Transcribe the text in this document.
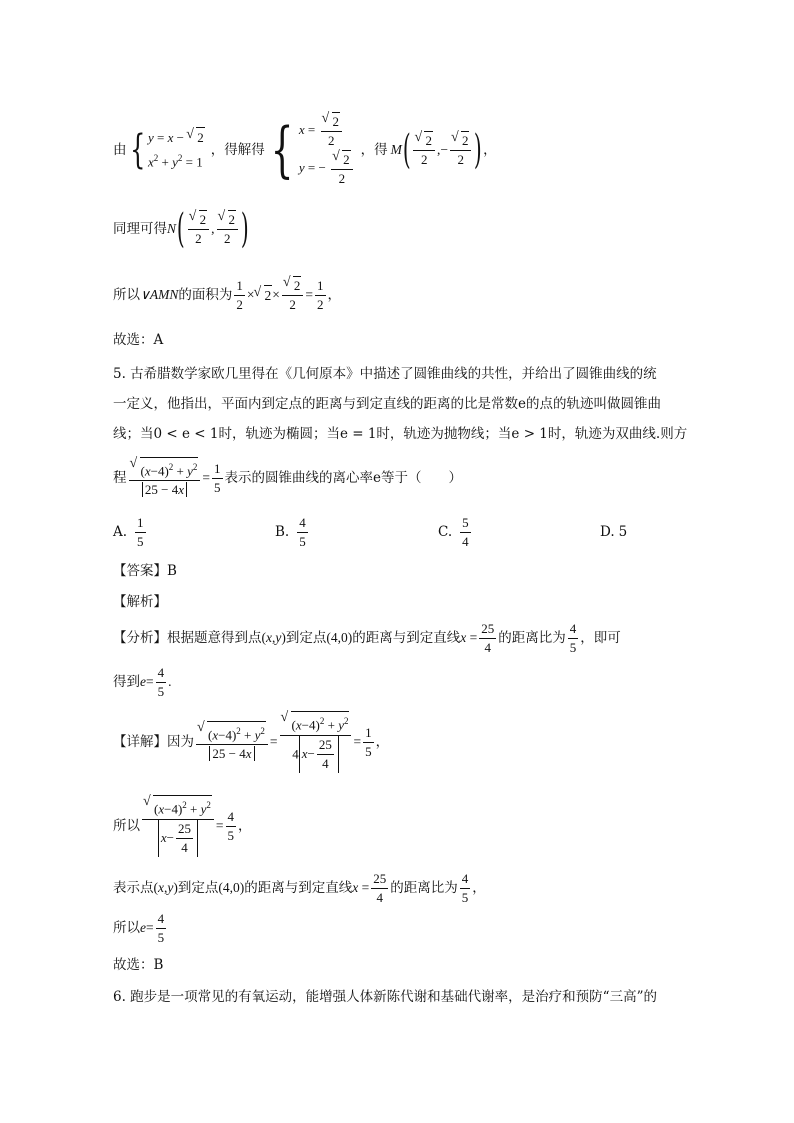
由 { y = x − √ 2
$x^2 + y^2 = 1$
，得解得 { x = √ $\frac{2}{2}$
y = − √ $\frac{2}{2}$ ，得 M ( √ $\frac{2}{2}$ ,− √ $\frac{2}{2}$ ) ，
同理可得 N ( √ $\frac{2}{2}$ , √ $\frac{2}{2}$ )
所以 ∨AMN 的面积为 $\frac{1}{2}$ × √ 2 × √ $\frac{2}{2} = \frac{1}{2}$ ，
故选：A
5. 古希腊数学家欧几里得在《几何原本》中描述了圆锥曲线的共性，并给出了圆锥曲线的统
一定义，他指出，平面内到定点的距离与到定直线的距离的比是常数e的点的轨迹叫做圆锥曲
线；当0 < e < 1时，轨迹为椭圆；当e = 1时，轨迹为抛物线；当e > 1时，轨迹为双曲线.则方
程 √ $\frac{(x-4)^2 + y^2}{25 - 4x} = \frac{1}{5}$ 表示的圆锥曲线的离心率e等于（　　）
A. $\frac{1}{5}$	B. $\frac{4}{5}$	C. $\frac{5}{4}$	D. 5
【答案】B
【解析】
【分析】根据题意得到点 (x,y) 到定点 (4,0) 的距离与到定直线 $x = \frac{25}{4}$ 的距离比为 $\frac{4}{5}$ ，即可
得到 $e = \frac{4}{5}$ .
【详解】因为 √ $\frac{(x-4)^2 + y^2}{25 - 4x}$ = √ $\frac{(x-4)^2 + y^2}{4 x - \frac{25}{4}} = \frac{1}{5}$ ，
所以 √ $\frac{(x-4)^2 + y^2}{x - \frac{25}{4}} = \frac{4}{5}$ ，
表示点 (x,y) 到定点 (4,0) 的距离与到定直线 $x = \frac{25}{4}$ 的距离比为 $\frac{4}{5}$ ，
所以 $e = \frac{4}{5}$
故选：B
6. 跑步是一项常见的有氧运动，能增强人体新陈代谢和基础代谢率，是治疗和预防“三高”的
